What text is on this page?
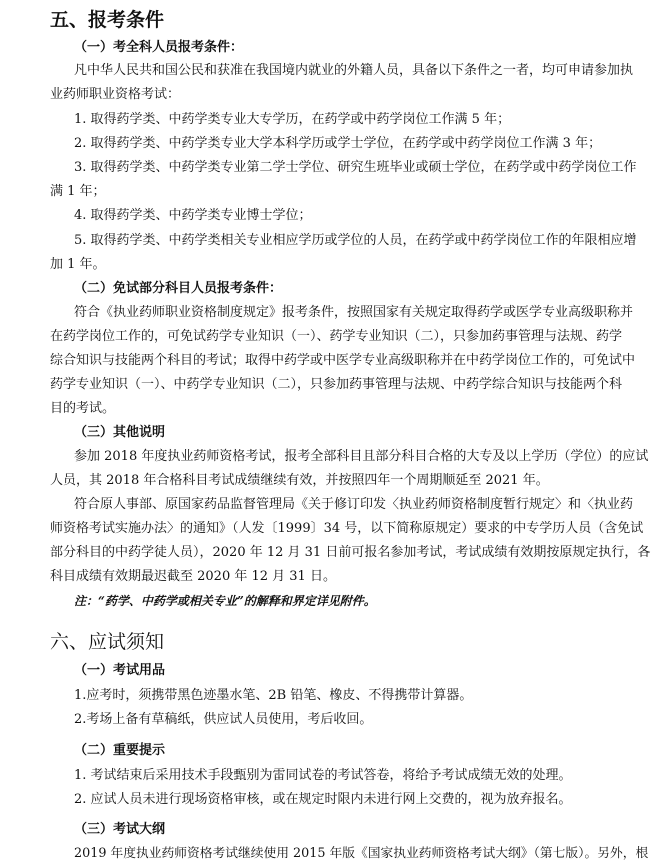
五、报考条件
（一）考全科人员报考条件：
凡中华人民共和国公民和获准在我国境内就业的外籍人员，具备以下条件之一者，均可申请参加执
业药师职业资格考试：
1. 取得药学类、中药学类专业大专学历，在药学或中药学岗位工作满 5 年；
2. 取得药学类、中药学类专业大学本科学历或学士学位，在药学或中药学岗位工作满 3 年；
3. 取得药学类、中药学类专业第二学士学位、研究生班毕业或硕士学位，在药学或中药学岗位工作
满 1 年；
4. 取得药学类、中药学类专业博士学位；
5. 取得药学类、中药学类相关专业相应学历或学位的人员，在药学或中药学岗位工作的年限相应增
加 1 年。
（二）免试部分科目人员报考条件：
符合《执业药师职业资格制度规定》报考条件，按照国家有关规定取得药学或医学专业高级职称并
在药学岗位工作的，可免试药学专业知识（一）、药学专业知识（二），只参加药事管理与法规、药学
综合知识与技能两个科目的考试；取得中药学或中医学专业高级职称并在中药学岗位工作的，可免试中
药学专业知识（一）、中药学专业知识（二），只参加药事管理与法规、中药学综合知识与技能两个科
目的考试。
（三）其他说明
参加 2018 年度执业药师资格考试，报考全部科目且部分科目合格的大专及以上学历（学位）的应试
人员，其 2018 年合格科目考试成绩继续有效，并按照四年一个周期顺延至 2021 年。
符合原人事部、原国家药品监督管理局《关于修订印发〈执业药师资格制度暂行规定〉和〈执业药
师资格考试实施办法〉的通知》（人发〔1999〕34 号，以下简称原规定）要求的中专学历人员（含免试
部分科目的中药学徒人员），2020 年 12 月 31 日前可报名参加考试，考试成绩有效期按原规定执行，各
科目成绩有效期最迟截至 2020 年 12 月 31 日。
注：“药学、中药学或相关专业”的解释和界定详见附件。
六、应试须知
（一）考试用品
1.应考时，须携带黑色迹墨水笔、2B 铅笔、橡皮、不得携带计算器。
2.考场上备有草稿纸，供应试人员使用，考后收回。
（二）重要提示
1. 考试结束后采用技术手段甄别为雷同试卷的考试答卷，将给予考试成绩无效的处理。
2. 应试人员未进行现场资格审核，或在规定时限内未进行网上交费的，视为放弃报名。
（三）考试大纲
2019 年度执业药师资格考试继续使用 2015 年版《国家执业药师资格考试大纲》（第七版）。另外，根
